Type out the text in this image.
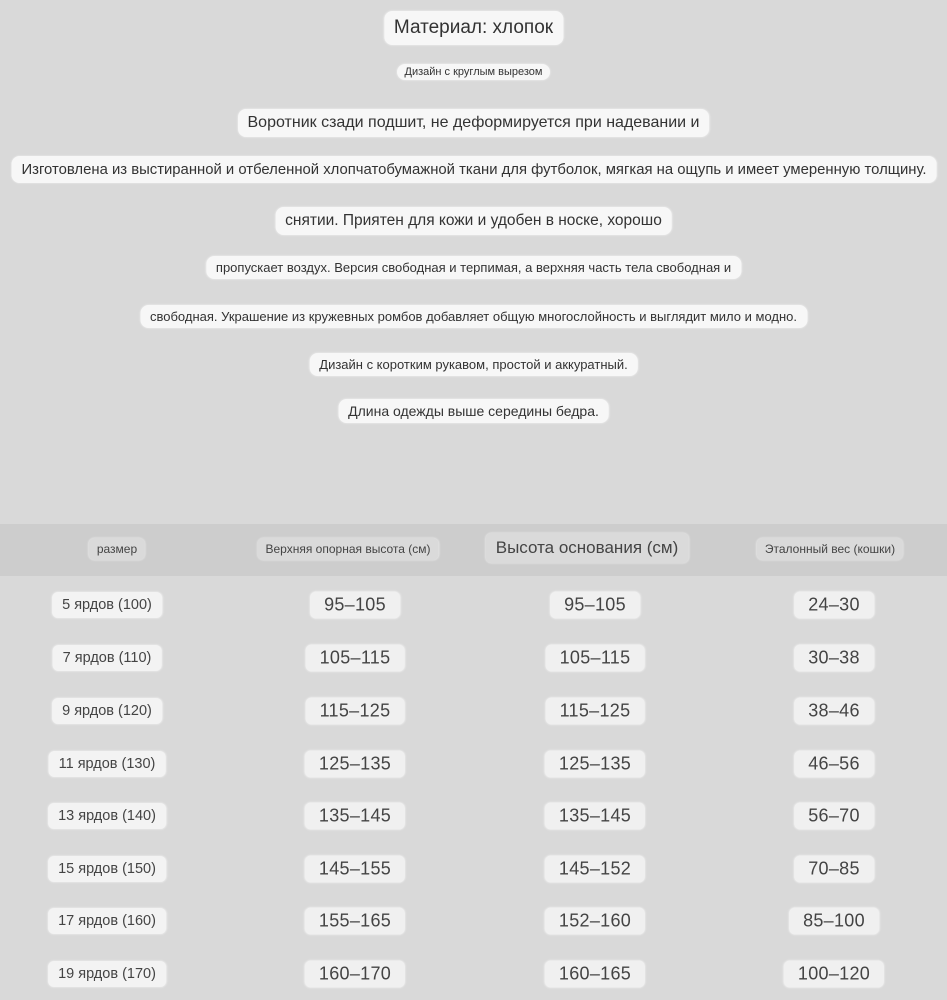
Материал: хлопок
Дизайн с круглым вырезом
Воротник сзади подшит, не деформируется при надевании и
Изготовлена из выстиранной и отбеленной хлопчатобумажной ткани для футболок, мягкая на ощупь и имеет умеренную толщину.
снятии. Приятен для кожи и удобен в носке, хорошо
пропускает воздух. Версия свободная и терпимая, а верхняя часть тела свободная и
свободная. Украшение из кружевных ромбов добавляет общую многослойность и выглядит мило и модно.
Дизайн с коротким рукавом, простой и аккуратный.
Длина одежды выше середины бедра.
размер	Верхняя опорная высота (см)	Высота основания (см)	Эталонный вес (кошки)
5 ярдов (100)	95–105	95–105	24–30
7 ярдов (110)	105–115	105–115	30–38
9 ярдов (120)	115–125	115–125	38–46
11 ярдов (130)	125–135	125–135	46–56
13 ярдов (140)	135–145	135–145	56–70
15 ярдов (150)	145–155	145–152	70–85
17 ярдов (160)	155–165	152–160	85–100
19 ярдов (170)	160–170	160–165	100–120
